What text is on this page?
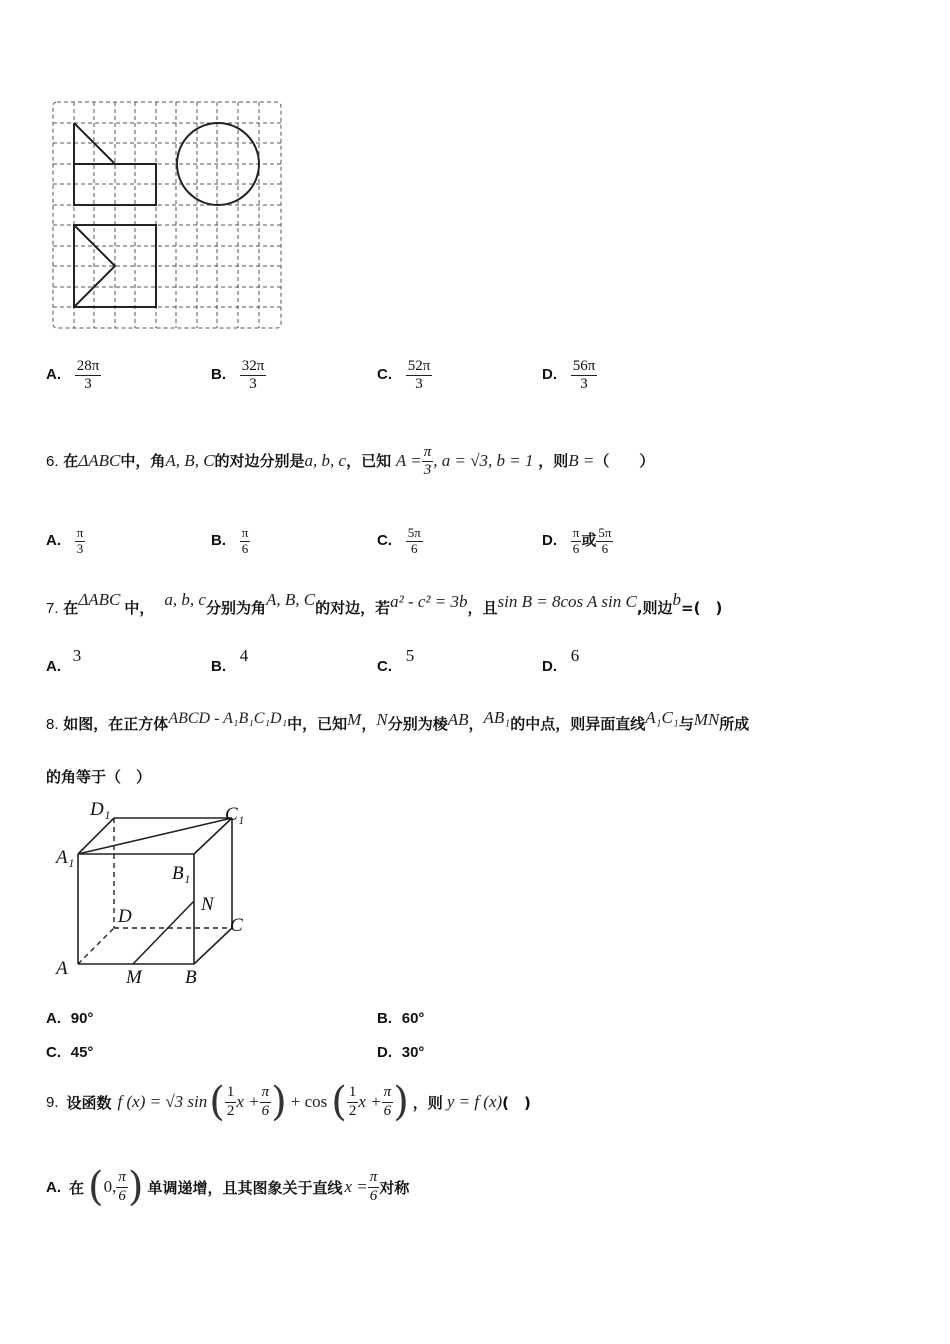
A. $\frac{28\pi}{3}$	B. $\frac{32\pi}{3}$	C. $\frac{52\pi}{3}$	D. $\frac{56\pi}{3}$
6. 在ΔABC中，角A, B, C的对边分别是a, b, c，已知 $A = \frac{\pi}{3}$ , a = √3, b = 1 ，则B =（　　）
A. $\frac{\pi}{3}$	B. $\frac{\pi}{6}$	C. $\frac{5\pi}{6}$	D. $\frac{\pi}{6}$ 或 $\frac{5\pi}{6}$
7. 在ΔABC 中， a, b, c分别为角A, B, C的对边，若a² - c² = 3b，且sin B = 8cos A sin C,则边b=(　)
A. 3
B. 4
C. 5
D. 6
8. 如图，在正方体ABCD - A₁B₁C₁D₁中，已知M，N分别为棱AB，AB₁的中点，则异面直线A₁C₁与MN所成
的角等于（　）
D₁	C₁
A₁
B₁
D	C
N
A	M B
A. 90°	B. 60°
C. 45°	D. 30°
9. 设函数 f (x) = √3 sin ( $\frac{1}{2}$ $x + \frac{\pi}{6}$ ) + cos ( $\frac{1}{2}$ $x + \frac{\pi}{6}$ ) ，则 y = f (x) (　)
A. 在 ( 0, $\frac{\pi}{6}$ ) 单调递增，且其图象关于直线 $x = \frac{\pi}{6}$ 对称
